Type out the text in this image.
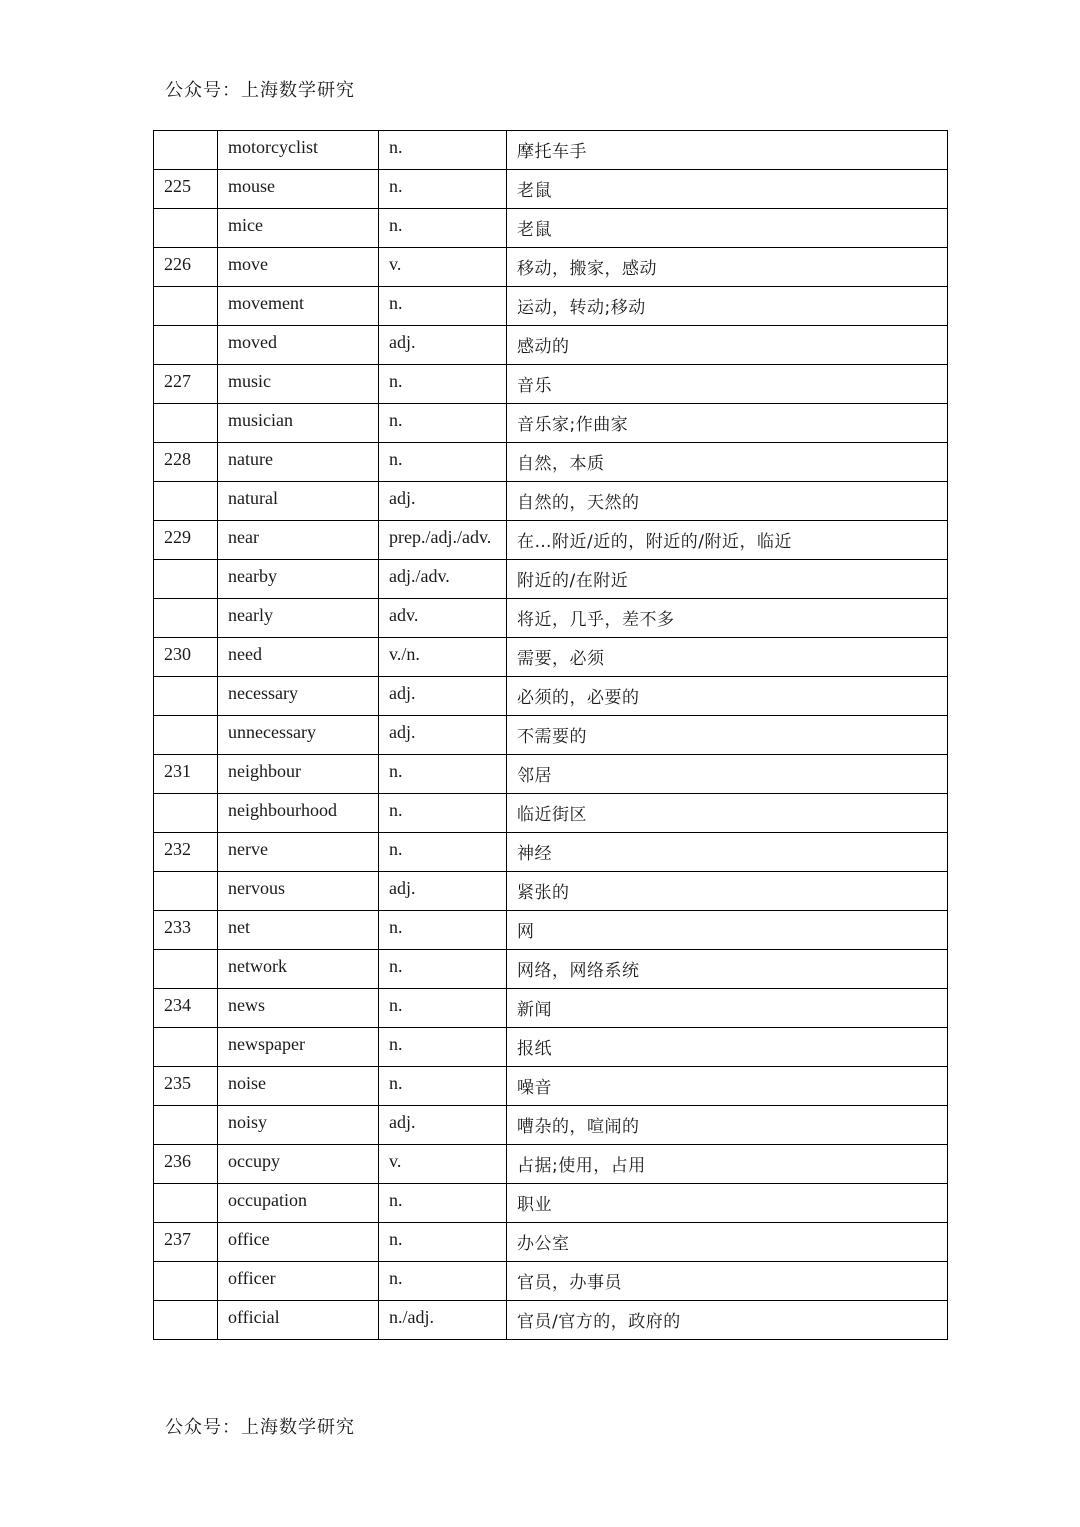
公众号：上海数学研究
	motorcyclist	n.	摩托车手
225	mouse	n.	老鼠
	mice	n.	老鼠
226	move	v.	移动，搬家，感动
	movement	n.	运动，转动;移动
	moved	adj.	感动的
227	music	n.	音乐
	musician	n.	音乐家;作曲家
228	nature	n.	自然，本质
	natural	adj.	自然的，天然的
229	near	prep./adj./adv.	在…附近/近的，附近的/附近，临近
	nearby	adj./adv.	附近的/在附近
	nearly	adv.	将近，几乎，差不多
230	need	v./n.	需要，必须
	necessary	adj.	必须的，必要的
	unnecessary	adj.	不需要的
231	neighbour	n.	邻居
	neighbourhood	n.	临近街区
232	nerve	n.	神经
	nervous	adj.	紧张的
233	net	n.	网
	network	n.	网络，网络系统
234	news	n.	新闻
	newspaper	n.	报纸
235	noise	n.	噪音
	noisy	adj.	嘈杂的，喧闹的
236	occupy	v.	占据;使用，占用
	occupation	n.	职业
237	office	n.	办公室
	officer	n.	官员，办事员
	official	n./adj.	官员/官方的，政府的
公众号：上海数学研究
